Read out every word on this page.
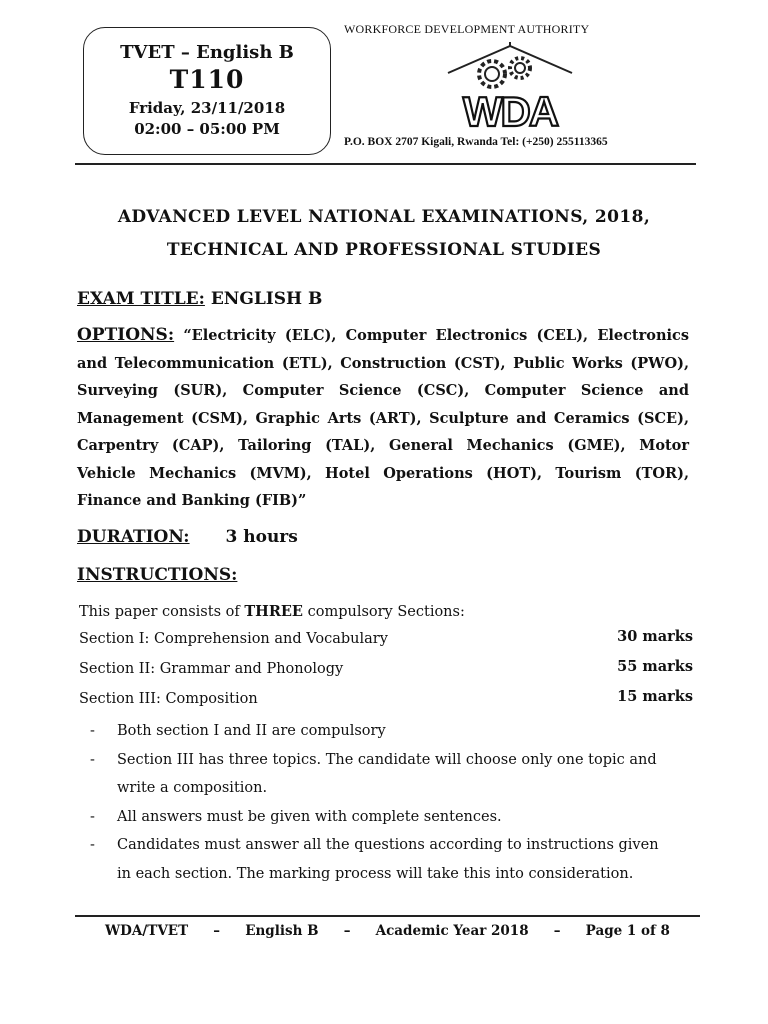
TVET – English B
T110
Friday, 23/11/2018
02:00 – 05:00 PM
WORKFORCE DEVELOPMENT AUTHORITY
WDA
P.O. BOX 2707 Kigali, Rwanda Tel: (+250) 255113365
ADVANCED LEVEL NATIONAL EXAMINATIONS, 2018,
TECHNICAL AND PROFESSIONAL STUDIES
EXAM TITLE: ENGLISH B
OPTIONS: “Electricity (ELC), Computer Electronics (CEL), Electronics and Telecommunication (ETL), Construction (CST), Public Works (PWO), Surveying (SUR), Computer Science (CSC), Computer Science and Management (CSM), Graphic Arts (ART), Sculpture and Ceramics (SCE), Carpentry (CAP), Tailoring (TAL), General Mechanics (GME), Motor Vehicle Mechanics (MVM), Hotel Operations (HOT), Tourism (TOR), Finance and Banking (FIB)”
DURATION: 3 hours
INSTRUCTIONS:
This paper consists of THREE compulsory Sections:
Section I: Comprehension and Vocabulary	30 marks
Section II: Grammar and Phonology	55 marks
Section III: Composition	15 marks
-	Both section I and II are compulsory
-	Section III has three topics. The candidate will choose only one topic and write a composition.
-	All answers must be given with complete sentences.
-	Candidates must answer all the questions according to instructions given in each section. The marking process will take this into consideration.
WDA/TVET – English B – Academic Year 2018 – Page 1 of 8
